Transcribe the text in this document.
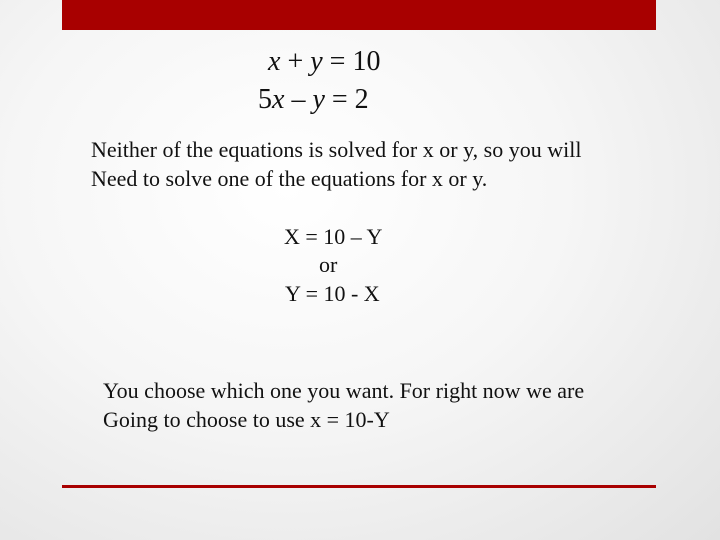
x + y = 10
5x – y = 2
Neither of the equations is solved for x or y, so you will
Need to solve one of the equations for x or y.
X = 10 – Y
or
Y = 10 - X
You choose which one you want. For right now we are
Going to choose to use x = 10-Y
